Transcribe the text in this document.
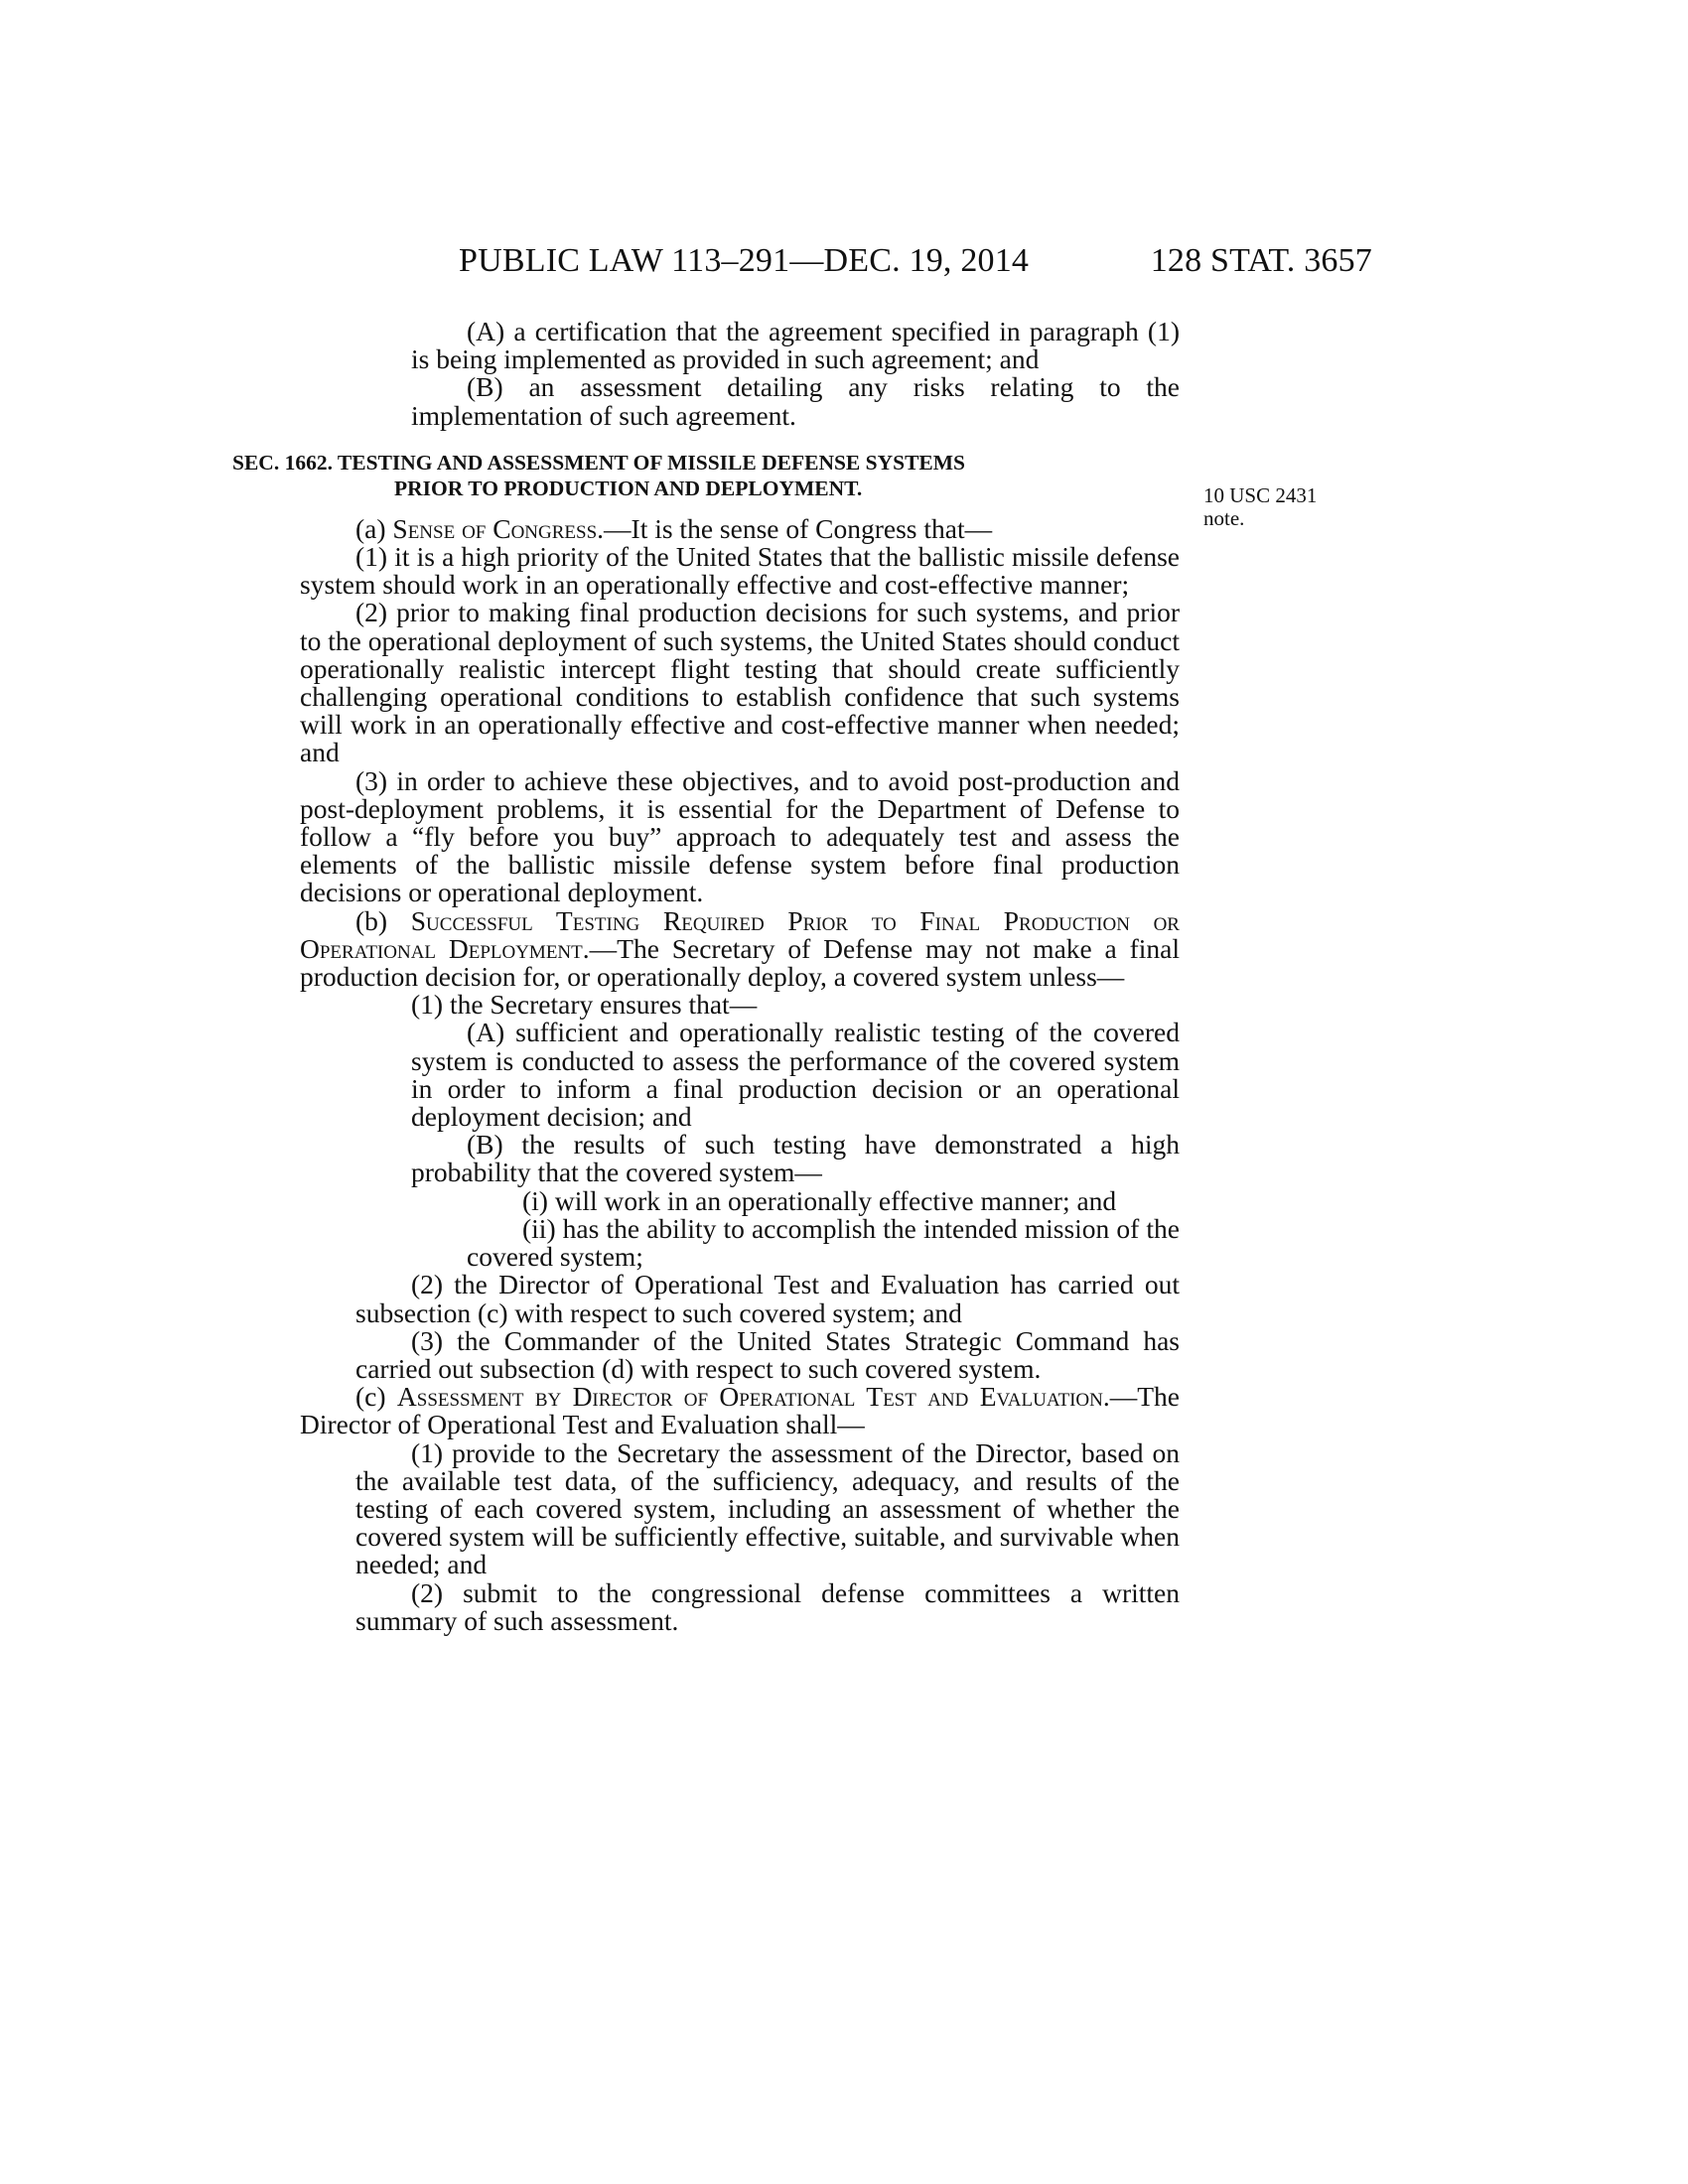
PUBLIC LAW 113–291—DEC. 19, 2014	128 STAT. 3657
10 USC 2431
note.

(A) a certification that the agreement specified in paragraph (1) is being implemented as provided in such agreement; and

(B) an assessment detailing any risks relating to the implementation of such agreement.

SEC. 1662. TESTING AND ASSESSMENT OF MISSILE DEFENSE SYSTEMS
PRIOR TO PRODUCTION AND DEPLOYMENT.

(a) Sense of Congress.—It is the sense of Congress that—

(1) it is a high priority of the United States that the ballistic missile defense system should work in an operationally effective and cost-effective manner;

(2) prior to making final production decisions for such systems, and prior to the operational deployment of such systems, the United States should conduct operationally realistic intercept flight testing that should create sufficiently challenging operational conditions to establish confidence that such systems will work in an operationally effective and cost-effective manner when needed; and

(3) in order to achieve these objectives, and to avoid post-production and post-deployment problems, it is essential for the Department of Defense to follow a “fly before you buy” approach to adequately test and assess the elements of the ballistic missile defense system before final production decisions or operational deployment.

(b) Successful Testing Required Prior to Final Production or Operational Deployment.—The Secretary of Defense may not make a final production decision for, or operationally deploy, a covered system unless—

(1) the Secretary ensures that—

(A) sufficient and operationally realistic testing of the covered system is conducted to assess the performance of the covered system in order to inform a final production decision or an operational deployment decision; and

(B) the results of such testing have demonstrated a high probability that the covered system—

(i) will work in an operationally effective manner; and

(ii) has the ability to accomplish the intended mission of the covered system;

(2) the Director of Operational Test and Evaluation has carried out subsection (c) with respect to such covered system; and

(3) the Commander of the United States Strategic Command has carried out subsection (d) with respect to such covered system.

(c) Assessment by Director of Operational Test and Evaluation.—The Director of Operational Test and Evaluation shall—

(1) provide to the Secretary the assessment of the Director, based on the available test data, of the sufficiency, adequacy, and results of the testing of each covered system, including an assessment of whether the covered system will be sufficiently effective, suitable, and survivable when needed; and

(2) submit to the congressional defense committees a written summary of such assessment.
